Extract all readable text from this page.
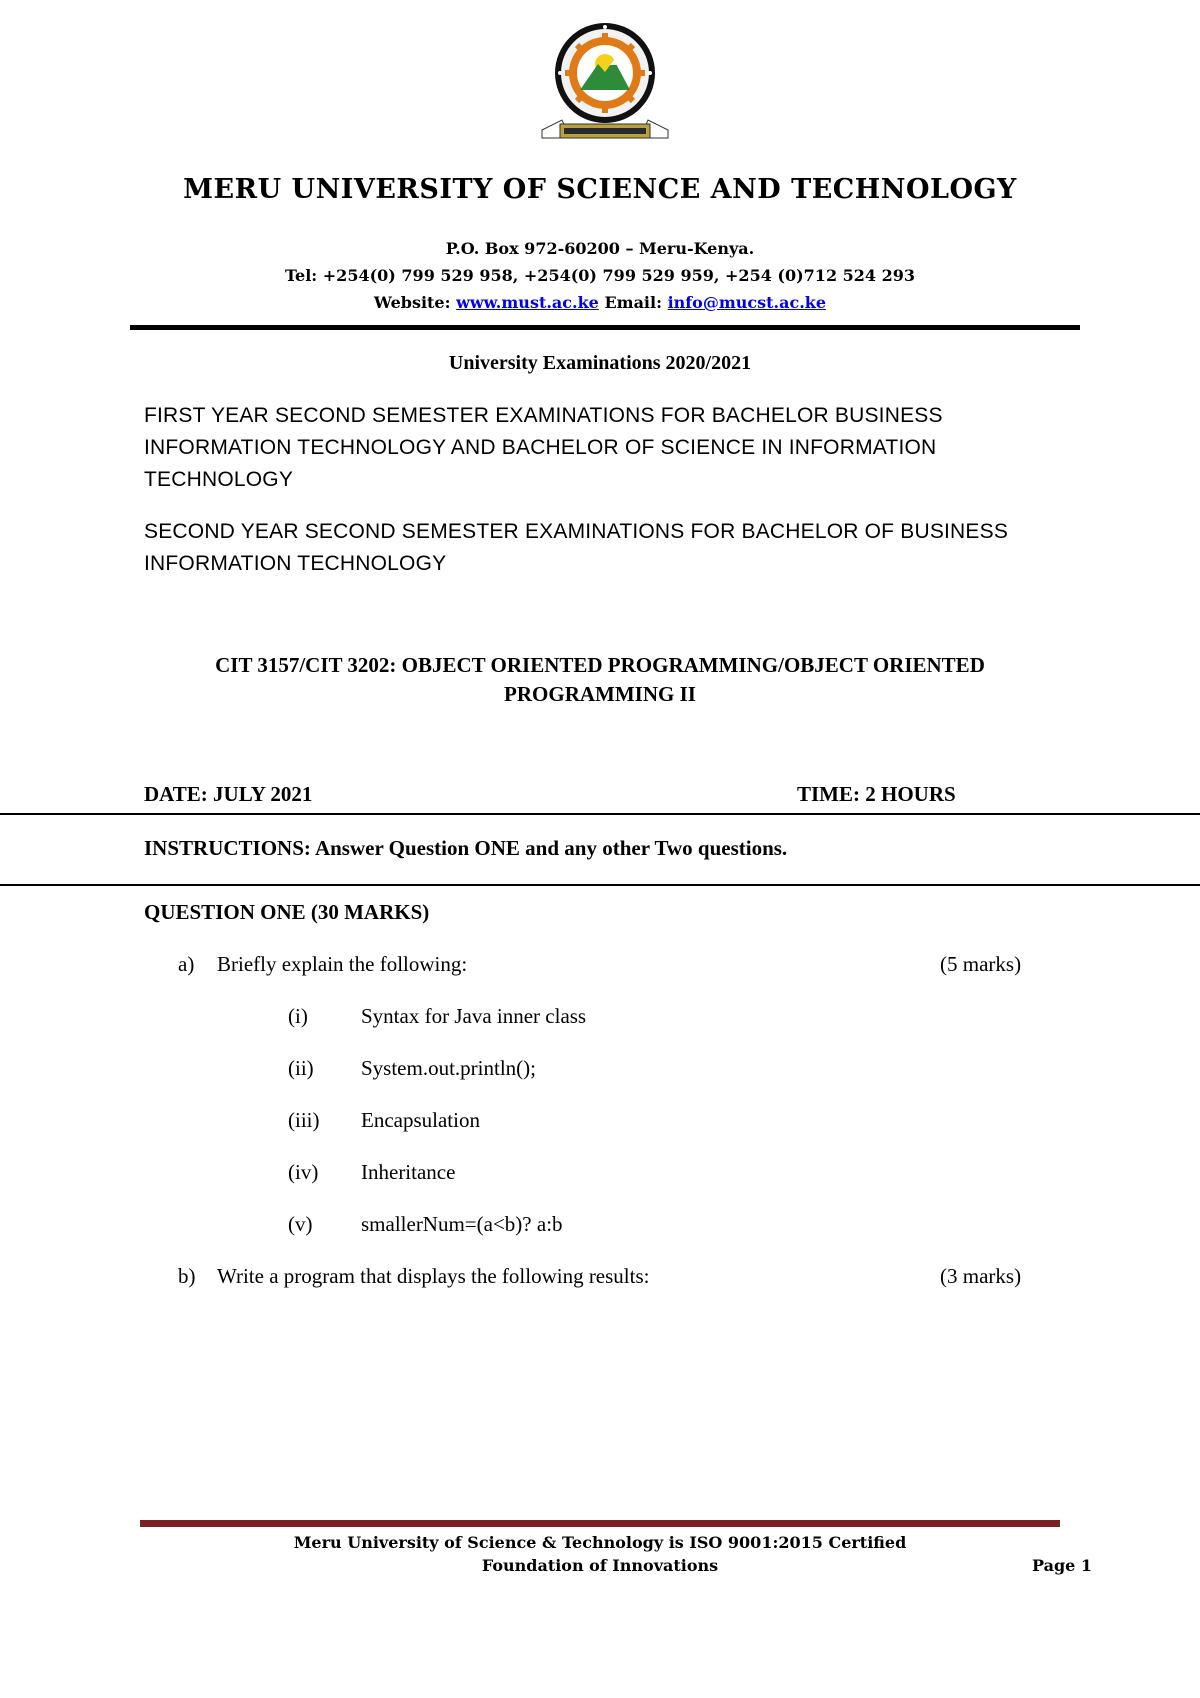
MERU UNIVERSITY OF SCIENCE AND TECHNOLOGY
P.O. Box 972-60200 – Meru-Kenya.
Tel: +254(0) 799 529 958, +254(0) 799 529 959, +254 (0)712 524 293
Website: www.must.ac.ke Email: info@mucst.ac.ke
University Examinations 2020/2021
FIRST YEAR SECOND SEMESTER EXAMINATIONS FOR BACHELOR BUSINESS INFORMATION TECHNOLOGY AND BACHELOR OF SCIENCE IN INFORMATION TECHNOLOGY
SECOND YEAR SECOND SEMESTER EXAMINATIONS FOR BACHELOR OF BUSINESS INFORMATION TECHNOLOGY
CIT 3157/CIT 3202: OBJECT ORIENTED PROGRAMMING/OBJECT ORIENTED
PROGRAMMING II
DATE: JULY 2021	TIME: 2 HOURS
INSTRUCTIONS: Answer Question ONE and any other Two questions.
QUESTION ONE (30 MARKS)
a) Briefly explain the following:	(5 marks)
(i)	Syntax for Java inner class
(ii) System.out.println();
(iii) Encapsulation
(iv) Inheritance
(v) smallerNum=(a<b)? a:b
b) Write a program that displays the following results:	(3 marks)
Meru University of Science & Technology is ISO 9001:2015 Certified
Foundation of Innovations	Page 1
